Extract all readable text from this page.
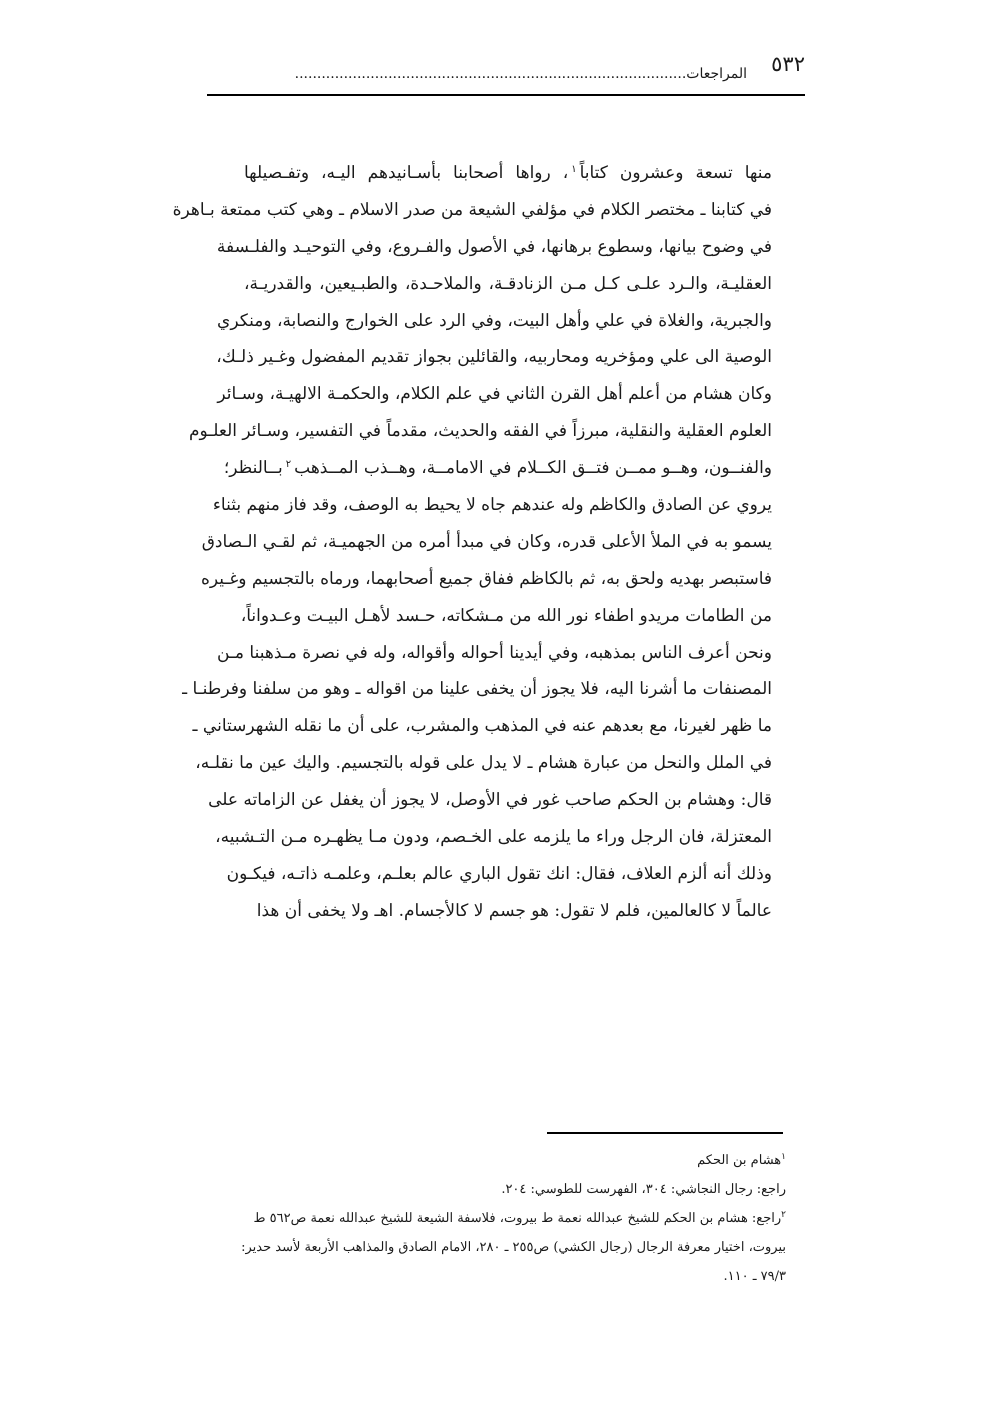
٥٣٢
المراجعات........................................................................................
منها تسعة وعشرون كتاباً$^١$، رواها أصحابنا بأسـانيدهم اليـه، وتفـصيلها
في كتابنا ـ مختصر الكلام في مؤلفي الشيعة من صدر الاسلام ـ وهي كتب ممتعة بـاهرة
في وضوح بيانها، وسطوع برهانها، في الأصول والفـروع، وفي التوحيـد والفلـسفة
العقليـة، والـرد علـى كـل مـن الزنادقـة، والملاحـدة، والطبـيعين، والقدريـة،
والجبرية، والغلاة في علي وأهل البيت، وفي الرد على الخوارج والنصابة، ومنكري
الوصية الى علي ومؤخريه ومحاربيه، والقائلين بجواز تقديم المفضول وغـير ذلـك،
وكان هشام من أعلم أهل القرن الثاني في علم الكلام، والحكمـة الالهيـة، وسـائر
العلوم العقلية والنقلية، مبرزاً في الفقه والحديث، مقدماً في التفسير، وسـائر العلـوم
والفنــون، وهــو ممــن فتــق الكــلام في الامامــة، وهــذب المــذهب$^٢$بــالنظر؛
يروي عن الصادق والكاظم وله عندهم جاه لا يحيط به الوصف، وقد فاز منهم بثناء
يسمو به في الملأ الأعلى قدره، وكان في مبدأ أمره من الجهميـة، ثم لقـي الـصادق
فاستبصر بهديه ولحق به، ثم بالكاظم ففاق جميع أصحابهما، ورماه بالتجسيم وغـيره
من الطامات مريدو اطفاء نور الله من مـشكاته، حـسد لأهـل البيـت وعـدواناً،
ونحن أعرف الناس بمذهبه، وفي أيدينا أحواله وأقواله، وله في نصرة مـذهبنا مـن
المصنفات ما أشرنا اليه، فلا يجوز أن يخفى علينا من اقواله ـ وهو من سلفنا وفرطنـا ـ
ما ظهر لغيرنا، مع بعدهم عنه في المذهب والمشرب، على أن ما نقله الشهرستاني ـ
في الملل والنحل من عبارة هشام ـ لا يدل على قوله بالتجسيم. واليك عين ما نقلـه،
قال: وهشام بن الحكم صاحب غور في الأوصل، لا يجوز أن يغفل عن الزاماته على
المعتزلة، فان الرجل وراء ما يلزمه على الخـصم، ودون مـا يظهـره مـن التـشبيه،
وذلك أنه ألزم العلاف، فقال: انك تقول الباري عالم بعلـم، وعلمـه ذاتـه، فيكـون
عالماً لا كالعالمين، فلم لا تقول: هو جسم لا كالأجسام. اهـ ولا يخفى أن هذا
$^١$هشام بن الحكم
راجع: رجال النجاشي: ٣٠٤، الفهرست للطوسي: ٢٠٤.
$^٢$راجع: هشام بن الحكم للشيخ عبدالله نعمة ط بيروت، فلاسفة الشيعة للشيخ عبدالله نعمة ص٥٦٢ ط
بيروت، اختيار معرفة الرجال (رجال الكشي) ص٢٥٥ ـ ٢٨٠، الامام الصادق والمذاهب الأربعة لأسد حدير:
٧٩/٣ ـ ١١٠.
